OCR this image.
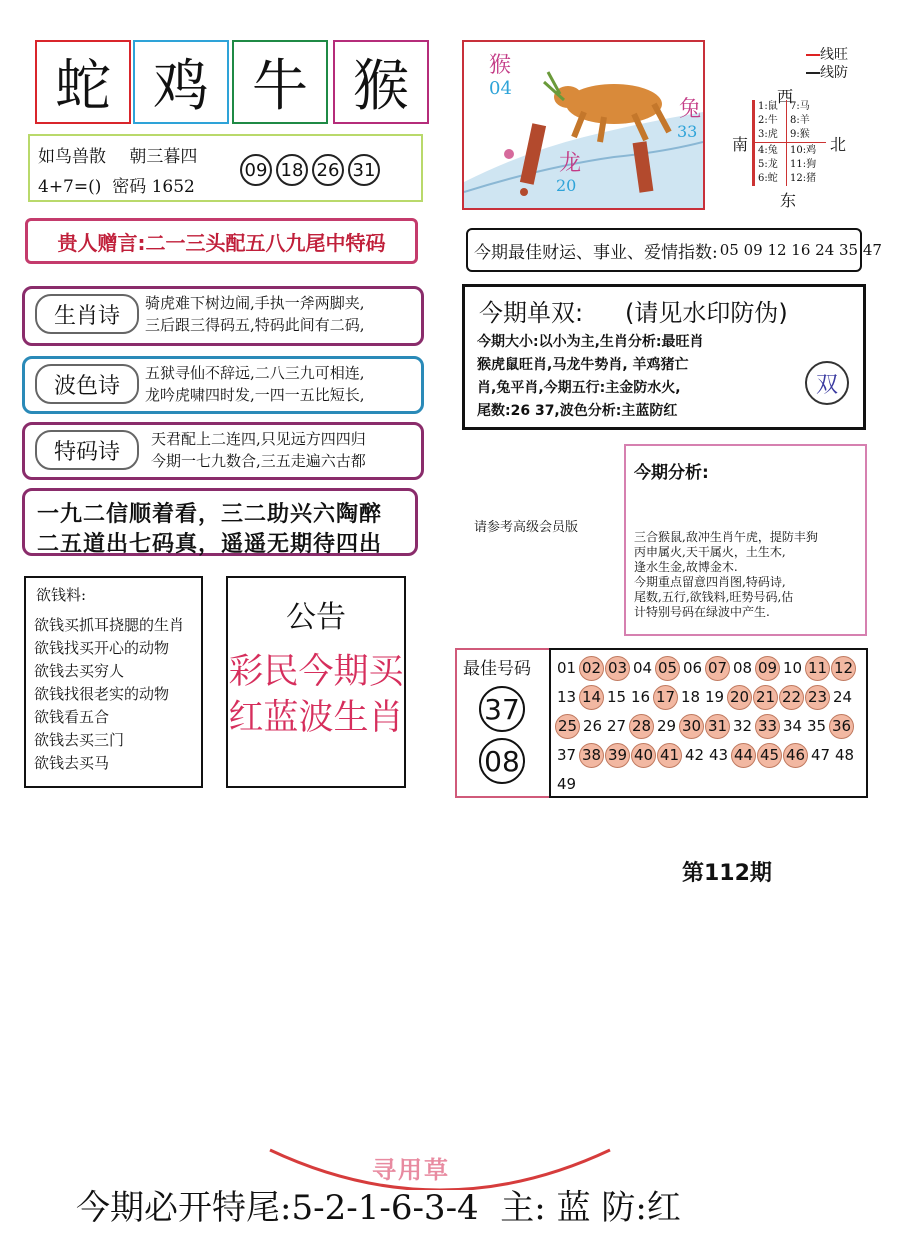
蛇 鸡 牛 猴
如鸟兽散 朝三暮四
4+7=()  密码 1652
09 18 26 31
贵人赠言:二一三头配五八九尾中特码
生肖诗
骑虎难下树边闹,手执一斧两脚夹,
三后跟三得码五,特码此间有二码,
波色诗
五狱寻仙不辞远,二八三九可相连,
龙吟虎啸四时发,一四一五比短长,
特码诗
天君配上二连四,只见远方四四归
今期一七九数合,三五走遍六古都
一九二信顺着看，三二助兴六陶醉
二五道出七码真，遥遥无期待四出
欲钱料:
欲钱买抓耳挠腮的生肖
欲钱找买开心的动物
欲钱去买穷人
欲钱找很老实的动物
欲钱看五合
欲钱去买三门
欲钱去买马
公告
彩民今期买
红蓝波生肖
猴
04
兔
33
龙
20
线旺
线防
西
南	北
东
1:鼠
2:牛
3:虎
4:兔
5:龙
6:蛇
7:马
8:羊
9:猴
10:鸡
11:狗
12:猪
今期最佳财运、事业、爱情指数: 05 09 12 16 24 35 47
今期单双: (请见水印防伪)
今期大小:以小为主,生肖分析:最旺肖
猴虎鼠旺肖,马龙牛势肖, 羊鸡猪亡
肖,兔平肖,今期五行:主金防水火,
尾数:26 37,波色分析:主蓝防红
双
请参考高级会员版
今期分析:
三合猴鼠,敌冲生肖午虎，提防丰狗
丙申属火,天干属火，土生木,
逢水生金,故博金木.
今期重点留意四肖图,特码诗,
尾数,五行,欲钱料,旺势号码,估
计特别号码在绿波中产生.
最佳号码
37
08
01 02 03 04 05 06 07 08 09 10 11 12
13 14 15 16 17 18 19 20 21 22 23 24
25 26 27 28 29 30 31 32 33 34 35 36
37 38 39 40 41 42 43 44 45 46 47 48
49
第112期
寻用草
今期必开特尾:5-2-1-6-3-4  主: 蓝 防:红
